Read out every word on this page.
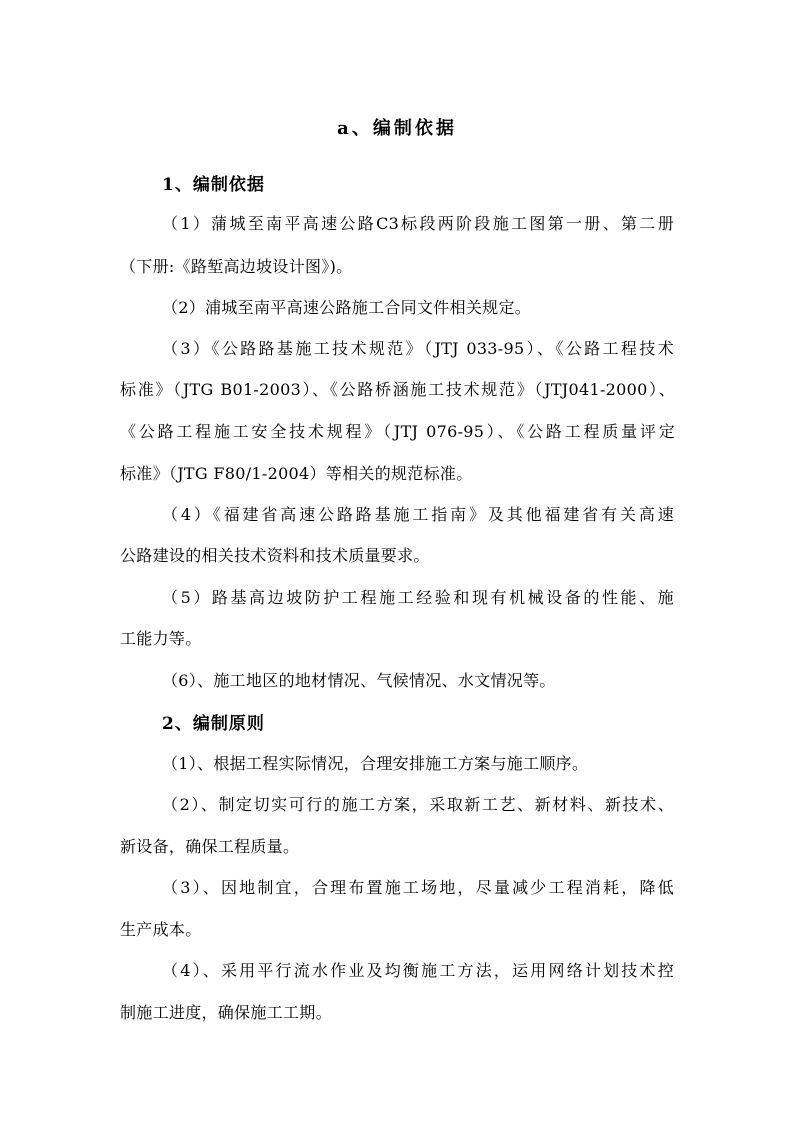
a、编制依据
1、编制依据
（1）蒲城至南平高速公路C3标段两阶段施工图第一册、第二册
（下册:《路堑高边坡设计图》)。
（2）浦城至南平高速公路施工合同文件相关规定。
（3）《公路路基施工技术规范》（JTJ 033-95）、《公路工程技术
标准》（JTG B01-2003）、《公路桥涵施工技术规范》（JTJ041-2000）、
《公路工程施工安全技术规程》（JTJ 076-95）、《公路工程质量评定
标准》（JTG F80/1-2004）等相关的规范标准。
（4）《福建省高速公路路基施工指南》及其他福建省有关高速
公路建设的相关技术资料和技术质量要求。
（5）路基高边坡防护工程施工经验和现有机械设备的性能、施
工能力等。
（6）、施工地区的地材情况、气候情况、水文情况等。
2、编制原则
（1）、根据工程实际情况，合理安排施工方案与施工顺序。
（2）、制定切实可行的施工方案，采取新工艺、新材料、新技术、
新设备，确保工程质量。
（3）、因地制宜，合理布置施工场地，尽量减少工程消耗，降低
生产成本。
（4）、采用平行流水作业及均衡施工方法，运用网络计划技术控
制施工进度，确保施工工期。
